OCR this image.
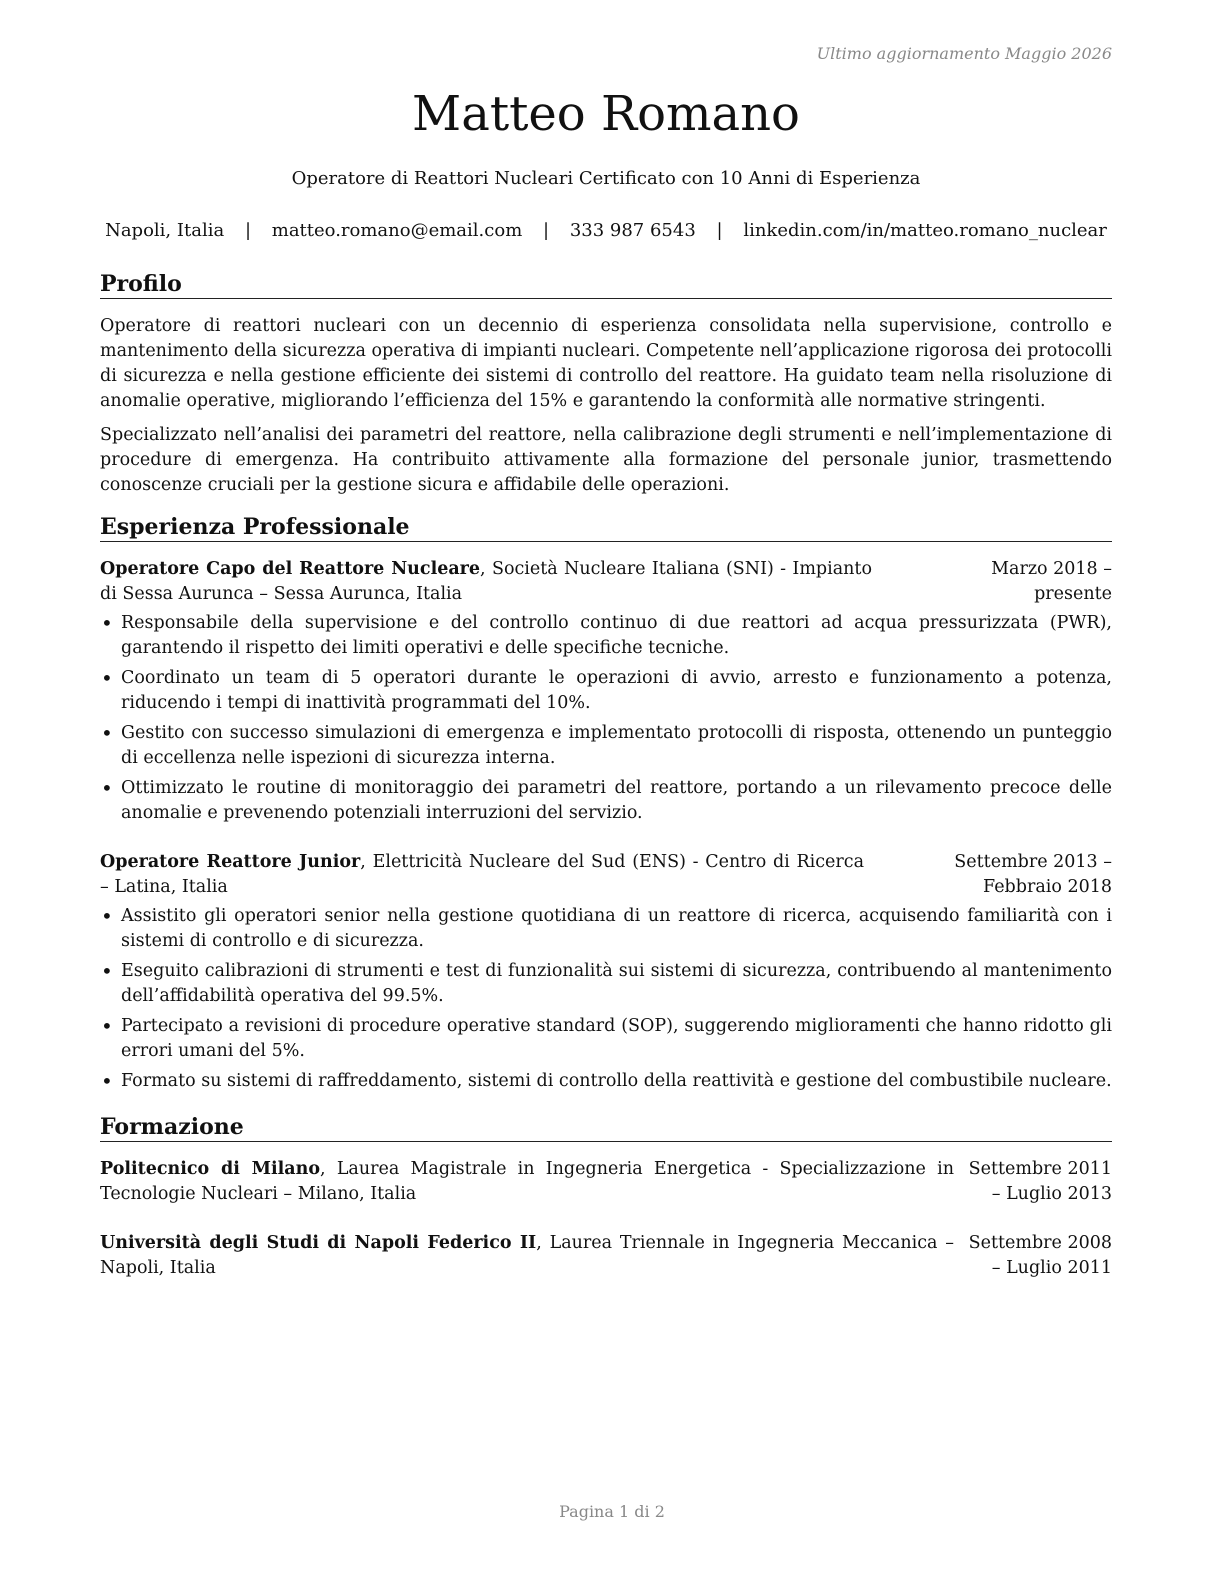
Ultimo aggiornamento Maggio 2026
Matteo Romano
Operatore di Reattori Nucleari Certificato con 10 Anni di Esperienza
Napoli, Italia | matteo.romano@email.com | 333 987 6543 | linkedin.com/in/matteo.romano_nuclear
Profilo
Operatore di reattori nucleari con un decennio di esperienza consolidata nella supervisione, controllo e mantenimento della sicurezza operativa di impianti nucleari. Competente nell’applicazione rigorosa dei protocolli di sicurezza e nella gestione efficiente dei sistemi di controllo del reattore. Ha guidato team nella risoluzione di anomalie operative, migliorando l’efficienza del 15% e garantendo la conformità alle normative stringenti.
Specializzato nell’analisi dei parametri del reattore, nella calibrazione degli strumenti e nell’implementazione di procedure di emergenza. Ha contribuito attivamente alla formazione del personale junior, trasmettendo conoscenze cruciali per la gestione sicura e affidabile delle operazioni.
Esperienza Professionale
Operatore Capo del Reattore Nucleare, Società Nucleare Italiana (SNI) - Impianto di Sessa Aurunca – Sessa Aurunca, Italia
Marzo 2018 – presente
• Responsabile della supervisione e del controllo continuo di due reattori ad acqua pressurizzata (PWR), garantendo il rispetto dei limiti operativi e delle specifiche tecniche.
• Coordinato un team di 5 operatori durante le operazioni di avvio, arresto e funzionamento a potenza, riducendo i tempi di inattività programmati del 10%.
• Gestito con successo simulazioni di emergenza e implementato protocolli di risposta, ottenendo un punteggio di eccellenza nelle ispezioni di sicurezza interna.
• Ottimizzato le routine di monitoraggio dei parametri del reattore, portando a un rilevamento precoce delle anomalie e prevenendo potenziali interruzioni del servizio.
Operatore Reattore Junior, Elettricità Nucleare del Sud (ENS) - Centro di Ricerca – Latina, Italia
Settembre 2013 – Febbraio 2018
• Assistito gli operatori senior nella gestione quotidiana di un reattore di ricerca, acquisendo familiarità con i sistemi di controllo e di sicurezza.
• Eseguito calibrazioni di strumenti e test di funzionalità sui sistemi di sicurezza, contribuendo al mantenimento dell’affidabilità operativa del 99.5%.
• Partecipato a revisioni di procedure operative standard (SOP), suggerendo miglioramenti che hanno ridotto gli errori umani del 5%.
• Formato su sistemi di raffreddamento, sistemi di controllo della reattività e gestione del combustibile nucleare.
Formazione
Politecnico di Milano, Laurea Magistrale in Ingegneria Energetica - Specializzazione in Tecnologie Nucleari – Milano, Italia
Settembre 2011 – Luglio 2013
Università degli Studi di Napoli Federico II, Laurea Triennale in Ingegneria Meccanica – Napoli, Italia
Settembre 2008 – Luglio 2011
Pagina 1 di 2
